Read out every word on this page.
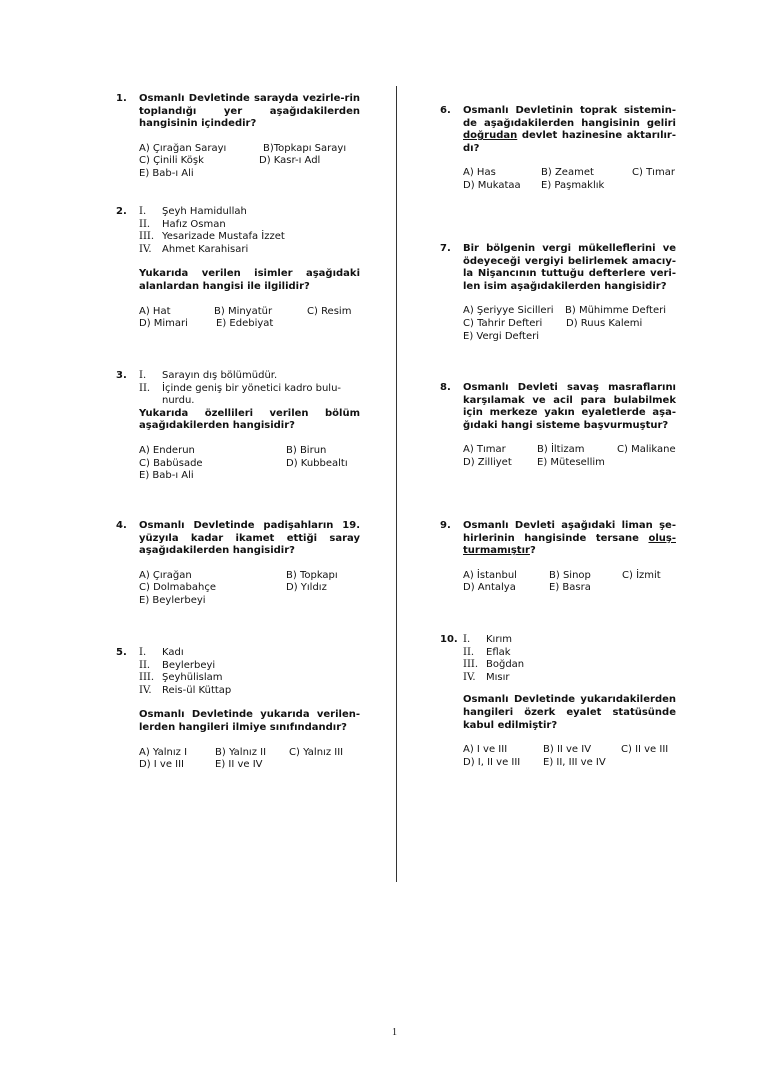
1.	Osmanlı Devletinde sarayda vezirle-rin toplandığı yer aşağıdakilerden hangisinin içindedir?
A) Çırağan Sarayı	B)Topkapı Sarayı
C) Çinili Köşk	D) Kasr-ı Adl
E) Bab-ı Ali
2.	I.	Şeyh Hamidullah
II.	Hafız Osman
III. Yesarizade Mustafa İzzet
IV.	Ahmet Karahisari
Yukarıda verilen isimler aşağıdaki alanlardan hangisi ile ilgilidir?
A) Hat	B) Minyatür	C) Resim
D) Mimari	E) Edebiyat
3.	I.	Sarayın dış bölümüdür.
II.	İçinde geniş bir yönetici kadro bulu-nurdu.
Yukarıda özellileri verilen bölüm aşağıdakilerden hangisidir?
A) Enderun	B) Birun
C) Babüsade	D) Kubbealtı
E) Bab-ı Ali
4.	Osmanlı Devletinde padişahların 19. yüzyıla kadar ikamet ettiği saray aşağıdakilerden hangisidir?
A) Çırağan	B) Topkapı
C) Dolmabahçe	D) Yıldız
E) Beylerbeyi
5.	I.	Kadı
II.	Beylerbeyi
III. Şeyhülislam
IV.	Reis-ül Küttap
Osmanlı Devletinde yukarıda verilen-lerden hangileri ilmiye sınıfındandır?
A) Yalnız I	B) Yalnız II	C) Yalnız III
D) I ve III	E) II ve IV
6.	Osmanlı Devletinin toprak sistemin-de aşağıdakilerden hangisinin geliri doğrudan devlet hazinesine aktarılır-dı?
A) Has	B) Zeamet	C) Tımar
D) Mukataa	E) Paşmaklık
7.	Bir bölgenin vergi mükelleflerini ve ödeyeceği vergiyi belirlemek amacıy-la Nişancının tuttuğu defterlere veri-len isim aşağıdakilerden hangisidir?
A) Şeriyye Sicilleri	B) Mühimme Defteri
C) Tahrir Defteri	D) Ruus Kalemi
E) Vergi Defteri
8.	Osmanlı Devleti savaş masraflarını karşılamak ve acil para bulabilmek için merkeze yakın eyaletlerde aşa-ğıdaki hangi sisteme başvurmuştur?
A) Tımar	B) İltizam	C) Malikane
D) Zilliyet	E) Mütesellim
9.	Osmanlı Devleti aşağıdaki liman şe-hirlerinin hangisinde tersane oluş-turmamıştır?
A) İstanbul	B) Sinop	C) İzmit
D) Antalya	E) Basra
10. I.	Kırım
II.	Eflak
III. Boğdan
IV.	Mısır
Osmanlı Devletinde yukarıdakilerden hangileri özerk eyalet statüsünde kabul edilmiştir?
A) I ve III	B) II ve IV	C) II ve III
D) I, II ve III	E) II, III ve IV
1
